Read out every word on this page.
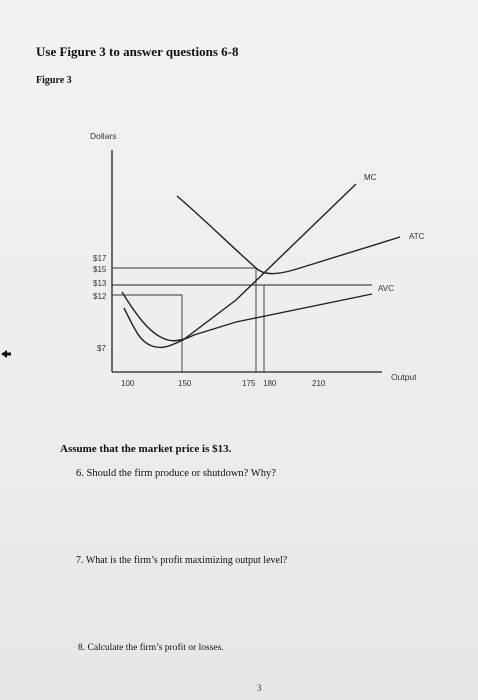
Use Figure 3 to answer questions 6-8
Figure 3
Dollars
Output
MC
ATC
AVC
$17
$15
$13
$12
$7
100	150	175 180	210
Assume that the market price is $13.
6. Should the firm produce or shutdown? Why?
7. What is the firm’s profit maximizing output level?
8. Calculate the firm’s profit or losses.
3
